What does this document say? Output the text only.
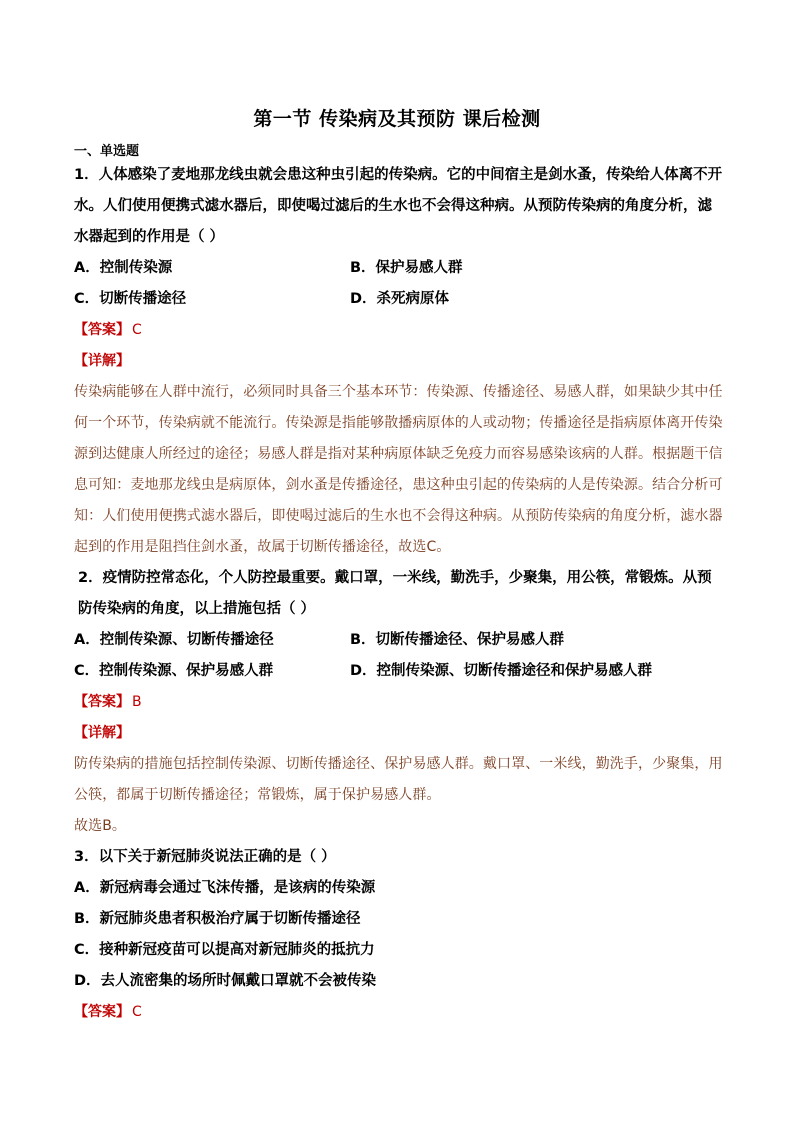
第一节 传染病及其预防 课后检测
一、单选题

1．人体感染了麦地那龙线虫就会患这种虫引起的传染病。它的中间宿主是剑水蚤，传染给人体离不开水。人们使用便携式滤水器后，即使喝过滤后的生水也不会得这种病。从预防传染病的角度分析，滤水器起到的作用是（ ）

A．控制传染源	B．保护易感人群
C．切断传播途径	D．杀死病原体
【答案】 C
【详解】

传染病能够在人群中流行，必须同时具备三个基本环节：传染源、传播途径、易感人群，如果缺少其中任何一个环节，传染病就不能流行。传染源是指能够散播病原体的人或动物；传播途径是指病原体离开传染源到达健康人所经过的途径；易感人群是指对某种病原体缺乏免疫力而容易感染该病的人群。根据题干信息可知：麦地那龙线虫是病原体，剑水蚤是传播途径，患这种虫引起的传染病的人是传染源。结合分析可知：人们使用便携式滤水器后，即使喝过滤后的生水也不会得这种病。从预防传染病的角度分析，滤水器起到的作用是阻挡住剑水蚤，故属于切断传播途径，故选C。

2．疫情防控常态化，个人防控最重要。戴口罩，一米线，勤洗手，少聚集，用公筷，常锻炼。从预防传染病的角度，以上措施包括（ ）

A．控制传染源、切断传播途径	B．切断传播途径、保护易感人群
C．控制传染源、保护易感人群	D．控制传染源、切断传播途径和保护易感人群
【答案】 B
【详解】

防传染病的措施包括控制传染源、切断传播途径、保护易感人群。戴口罩、一米线，勤洗手，少聚集，用公筷，都属于切断传播途径；常锻炼，属于保护易感人群。

故选B。

3．以下关于新冠肺炎说法正确的是（ ）

A．新冠病毒会通过飞沫传播，是该病的传染源
B．新冠肺炎患者积极治疗属于切断传播途径
C．接种新冠疫苗可以提高对新冠肺炎的抵抗力
D．去人流密集的场所时佩戴口罩就不会被传染
【答案】 C
